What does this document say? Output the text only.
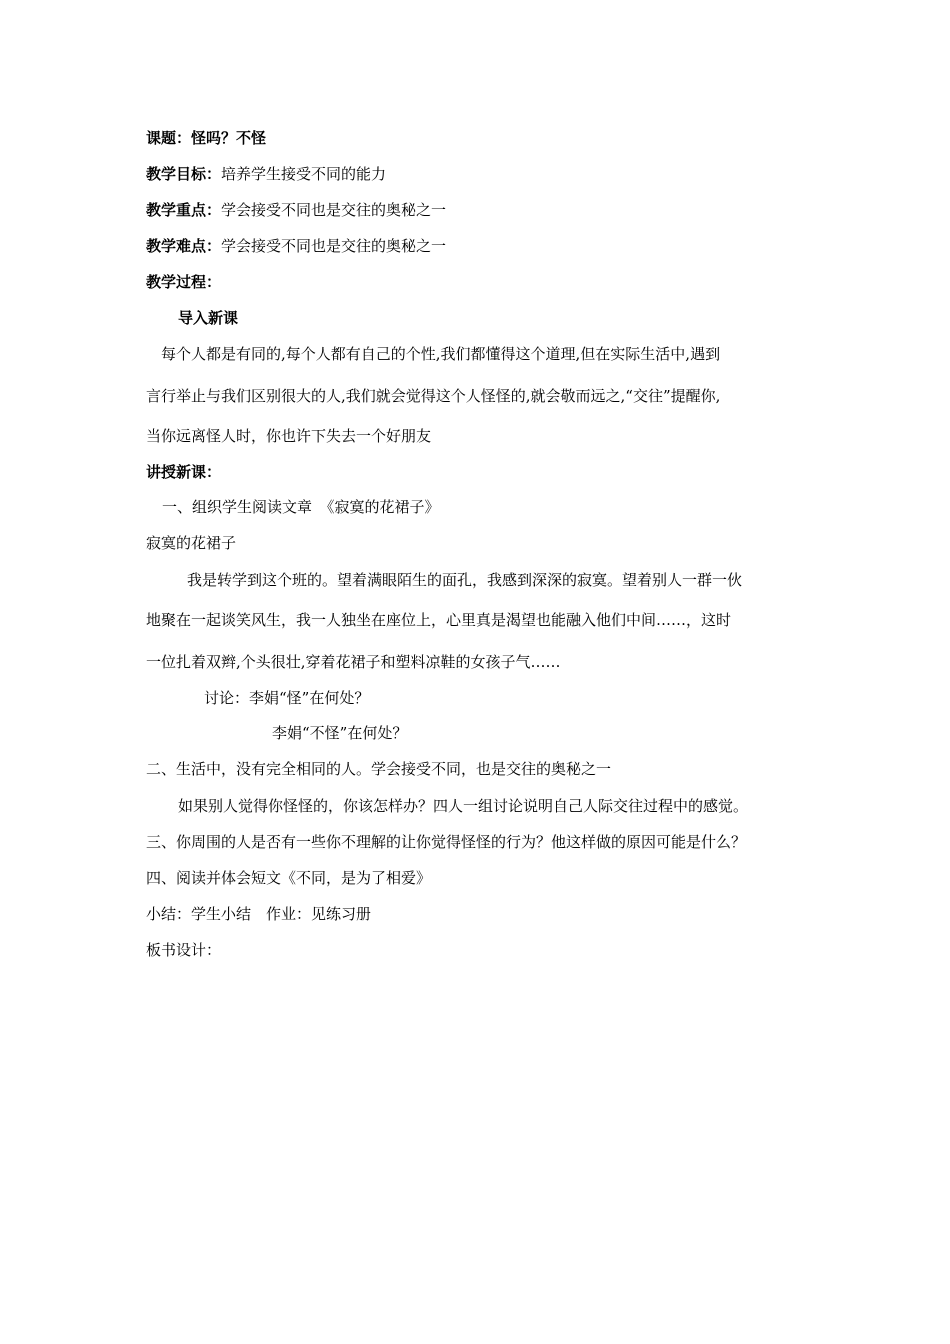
课题：怪吗？不怪
教学目标：培养学生接受不同的能力
教学重点：学会接受不同也是交往的奥秘之一
教学难点：学会接受不同也是交往的奥秘之一
教学过程：
导入新课
　每个人都是有同的,每个人都有自己的个性,我们都懂得这个道理,但在实际生活中,遇到
言行举止与我们区别很大的人,我们就会觉得这个人怪怪的,就会敬而远之,“交往”提醒你,
当你远离怪人时，你也许下失去一个好朋友
讲授新课：
一、组织学生阅读文章　《寂寞的花裙子》
寂寞的花裙子
我是转学到这个班的。望着满眼陌生的面孔，我感到深深的寂寞。望着别人一群一伙
地聚在一起谈笑风生，我一人独坐在座位上，心里真是渴望也能融入他们中间……，这时
一位扎着双辫,个头很壮,穿着花裙子和塑料凉鞋的女孩子气……
讨论：李娟“怪”在何处？
李娟“不怪”在何处？
二、生活中，没有完全相同的人。学会接受不同，也是交往的奥秘之一
如果别人觉得你怪怪的，你该怎样办？四人一组讨论说明自己人际交往过程中的感觉。
三、你周围的人是否有一些你不理解的让你觉得怪怪的行为？他这样做的原因可能是什么？
四、阅读并体会短文《不同，是为了相爱》
小结：学生小结　作业：见练习册
板书设计：
